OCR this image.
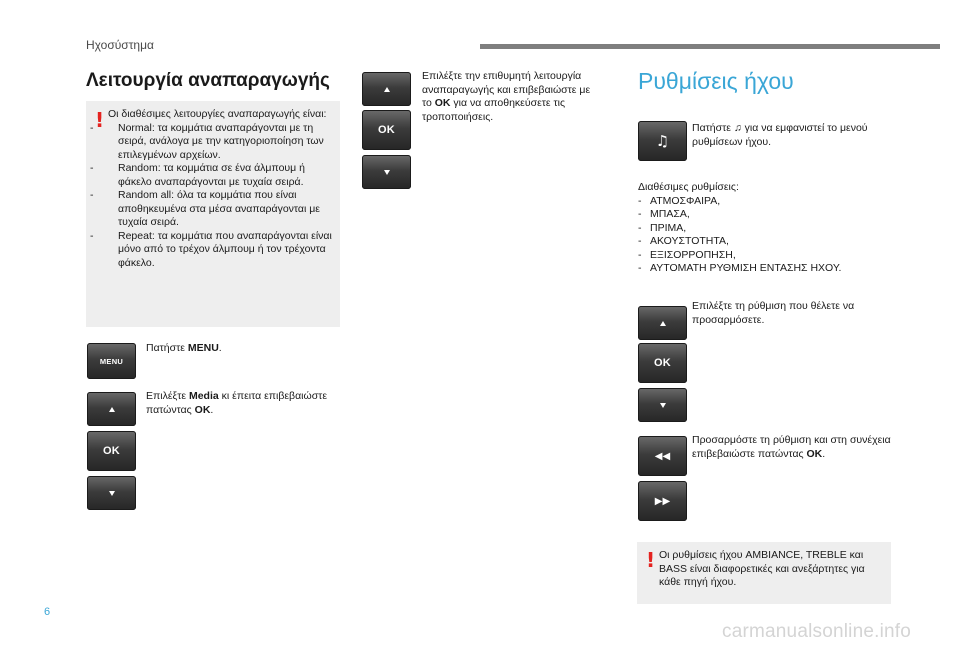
Ηχοσύστημα
Λειτουργία αναπαραγωγής
! Οι διαθέσιμες λειτουργίες αναπαραγωγής είναι:
- Normal: τα κομμάτια αναπαράγονται με τη σειρά, ανάλογα με την κατηγοριοποίηση των επιλεγμένων αρχείων.
- Random: τα κομμάτια σε ένα άλμπουμ ή φάκελο αναπαράγονται με τυχαία σειρά.
- Random all: όλα τα κομμάτια που είναι αποθηκευμένα στα μέσα αναπαράγονται με τυχαία σειρά.
- Repeat: τα κομμάτια που αναπαράγονται είναι μόνο από το τρέχον άλμπουμ ή τον τρέχοντα φάκελο.
MENU
Πατήστε MENU.
OK
Επιλέξτε Media κι έπειτα επιβεβαιώστε πατώντας OK.
OK
Επιλέξτε την επιθυμητή λειτουργία αναπαραγωγής και επιβεβαιώστε με το OK για να αποθηκεύσετε τις τροποποιήσεις.
Ρυθμίσεις ήχου
♫
Πατήστε ♫ για να εμφανιστεί το μενού ρυθμίσεων ήχου.
Διαθέσιμες ρυθμίσεις:
- ΑΤΜΟΣΦΑΙΡΑ,
- ΜΠΑΣΑ,
- ΠΡΙΜΑ,
- ΑΚΟΥΣΤΟΤΗΤΑ,
- ΕΞΙΣΟΡΡΟΠΗΣΗ,
- ΑΥΤΟΜΑΤΗ ΡΥΘΜΙΣΗ ΕΝΤΑΣΗΣ ΗΧΟΥ.
OK
Επιλέξτε τη ρύθμιση που θέλετε να προσαρμόσετε.
◀◀
▶▶
Προσαρμόστε τη ρύθμιση και στη συνέχεια επιβεβαιώστε πατώντας OK.
! Οι ρυθμίσεις ήχου AMBIANCE, TREBLE και BASS είναι διαφορετικές και ανεξάρτητες για κάθε πηγή ήχου.
6
carmanualsonline.info
